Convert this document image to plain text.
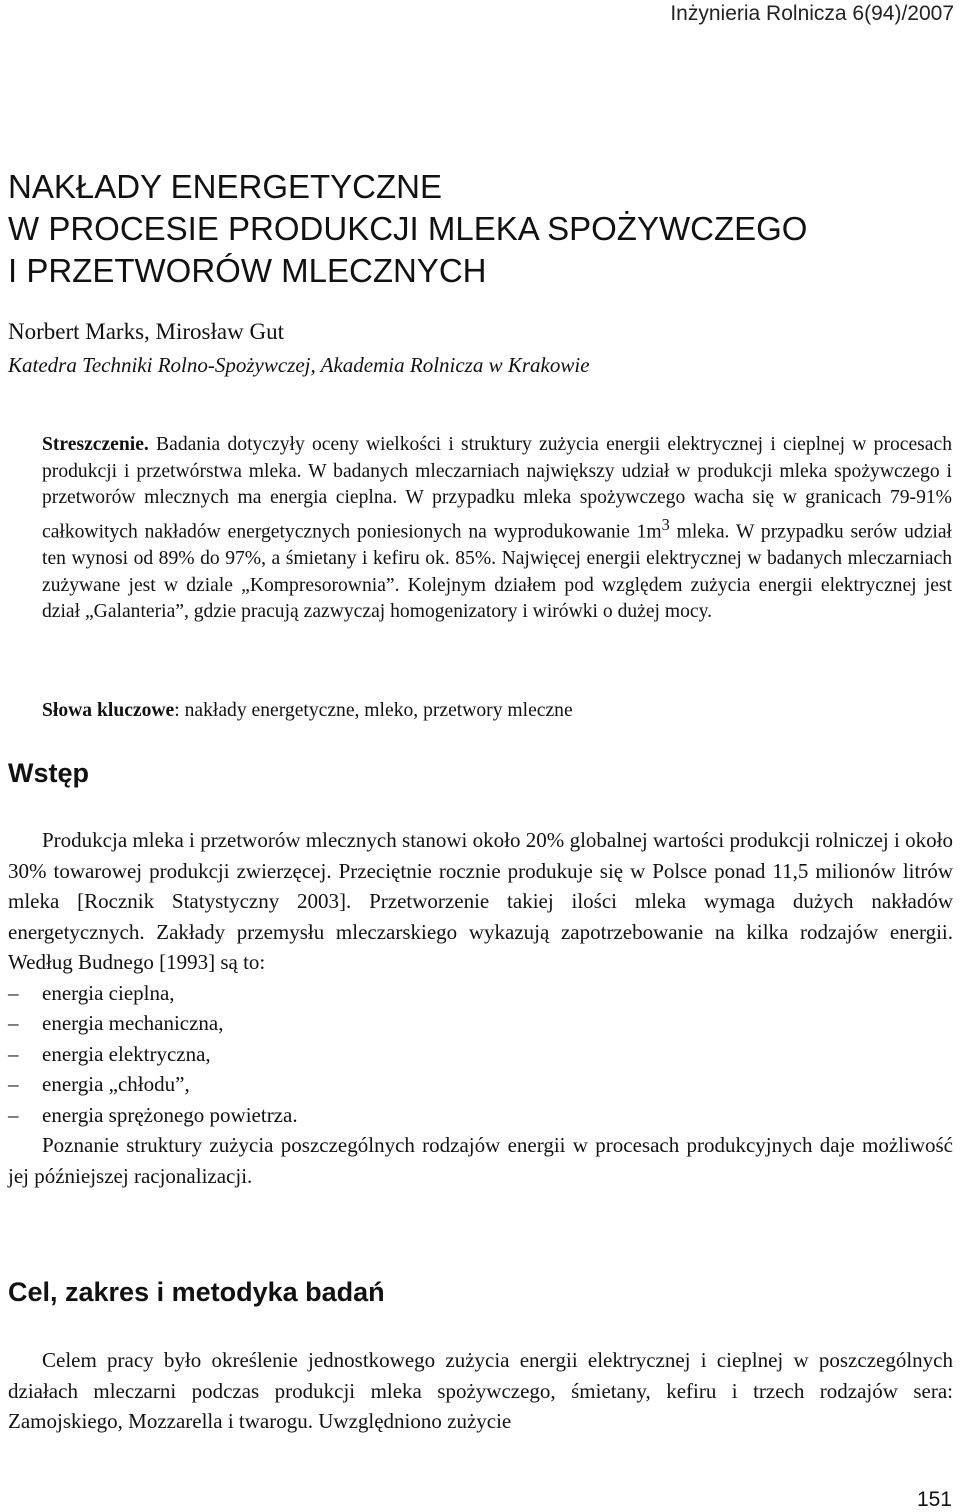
Inżynieria Rolnicza 6(94)/2007
NAKŁADY ENERGETYCZNE
W PROCESIE PRODUKCJI MLEKA SPOŻYWCZEGO
I PRZETWORÓW MLECZNYCH
Norbert Marks, Mirosław Gut
Katedra Techniki Rolno-Spożywczej, Akademia Rolnicza w Krakowie
Streszczenie. Badania dotyczyły oceny wielkości i struktury zużycia energii elektrycznej i cieplnej w procesach produkcji i przetwórstwa mleka. W badanych mleczarniach największy udział w produkcji mleka spożywczego i przetworów mlecznych ma energia cieplna. W przypadku mleka spożywczego wacha się w granicach 79-91% całkowitych nakładów energetycznych poniesionych na wyprodukowanie $1m^3$ mleka. W przypadku serów udział ten wynosi od 89% do 97%, a śmietany i kefiru ok. 85%. Najwięcej energii elektrycznej w badanych mleczarniach zużywane jest w dziale „Kompresorownia”. Kolejnym działem pod względem zużycia energii elektrycznej jest dział „Galanteria”, gdzie pracują zazwyczaj homogenizatory i wirówki o dużej mocy.
Słowa kluczowe: nakłady energetyczne, mleko, przetwory mleczne
Wstęp

Produkcja mleka i przetworów mlecznych stanowi około 20% globalnej wartości produkcji rolniczej i około 30% towarowej produkcji zwierzęcej. Przeciętnie rocznie produkuje się w Polsce ponad 11,5 milionów litrów mleka [Rocznik Statystyczny 2003]. Przetworzenie takiej ilości mleka wymaga dużych nakładów energetycznych. Zakłady przemysłu mleczarskiego wykazują zapotrzebowanie na kilka rodzajów energii. Według Budnego [1993] są to:

– energia cieplna,
– energia mechaniczna,
– energia elektryczna,
– energia „chłodu”,
– energia sprężonego powietrza.

Poznanie struktury zużycia poszczególnych rodzajów energii w procesach produkcyjnych daje możliwość jej późniejszej racjonalizacji.

Cel, zakres i metodyka badań

Celem pracy było określenie jednostkowego zużycia energii elektrycznej i cieplnej w poszczególnych działach mleczarni podczas produkcji mleka spożywczego, śmietany, kefiru i trzech rodzajów sera: Zamojskiego, Mozzarella i twarogu. Uwzględniono zużycie

151
